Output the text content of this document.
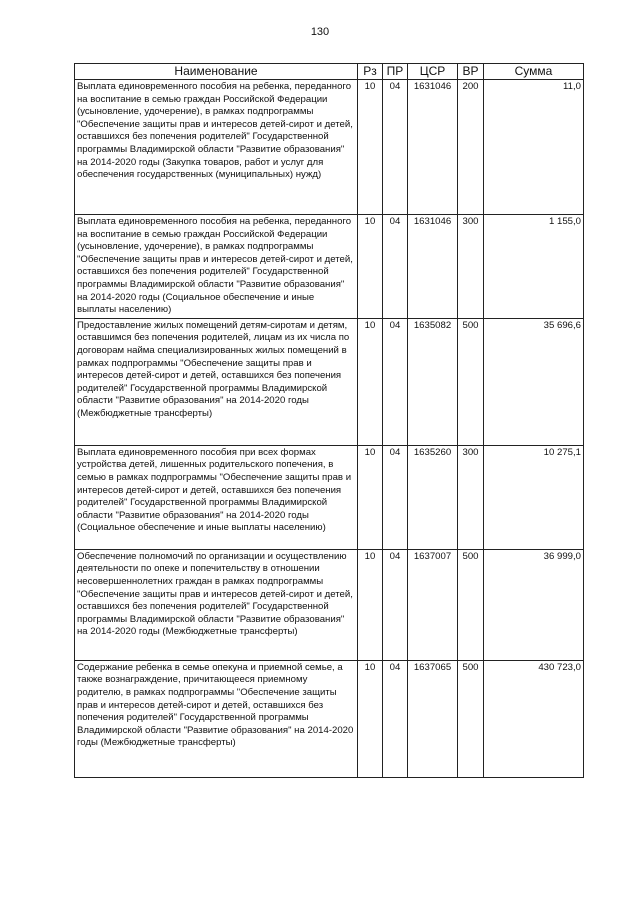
130
Наименование	Рз	ПР	ЦСР	ВР	Сумма
Выплата единовременного пособия на ребенка, переданного на воспитание в семью граждан Российской Федерации (усыновление, удочерение), в рамках подпрограммы "Обеспечение защиты прав и интересов детей-сирот и детей, оставшихся без попечения родителей" Государственной программы Владимирской области "Развитие образования" на 2014-2020 годы (Закупка товаров, работ и услуг для обеспечения государственных (муниципальных) нужд)	10	04	1631046	200	11,0
Выплата единовременного пособия на ребенка, переданного на воспитание в семью граждан Российской Федерации (усыновление, удочерение), в рамках подпрограммы "Обеспечение защиты прав и интересов детей-сирот и детей, оставшихся без попечения родителей" Государственной программы Владимирской области "Развитие образования" на 2014-2020 годы (Социальное обеспечение и иные выплаты населению)	10	04	1631046	300	1 155,0
Предоставление жилых помещений детям-сиротам и детям, оставшимся без попечения родителей, лицам из их числа по договорам найма специализированных жилых помещений в рамках подпрограммы "Обеспечение защиты прав и интересов детей-сирот и детей, оставшихся без попечения родителей" Государственной программы Владимирской области "Развитие образования" на 2014-2020 годы (Межбюджетные трансферты)	10	04	1635082	500	35 696,6
Выплата единовременного пособия при всех формах устройства детей, лишенных родительского попечения, в семью в рамках подпрограммы "Обеспечение защиты прав и интересов детей-сирот и детей, оставшихся без попечения родителей" Государственной программы Владимирской области "Развитие образования" на 2014-2020 годы (Социальное обеспечение и иные выплаты населению)	10	04	1635260	300	10 275,1
Обеспечение полномочий по организации и осуществлению деятельности по опеке и попечительству в отношении несовершеннолетних граждан в рамках подпрограммы "Обеспечение защиты прав и интересов детей-сирот и детей, оставшихся без попечения родителей" Государственной программы Владимирской области "Развитие образования" на 2014-2020 годы (Межбюджетные трансферты)	10	04	1637007	500	36 999,0
Содержание ребенка в семье опекуна и приемной семье, а также вознаграждение, причитающееся приемному родителю, в рамках подпрограммы "Обеспечение защиты прав и интересов детей-сирот и детей, оставшихся без попечения родителей" Государственной программы Владимирской области "Развитие образования" на 2014-2020 годы (Межбюджетные трансферты)	10	04	1637065	500	430 723,0
